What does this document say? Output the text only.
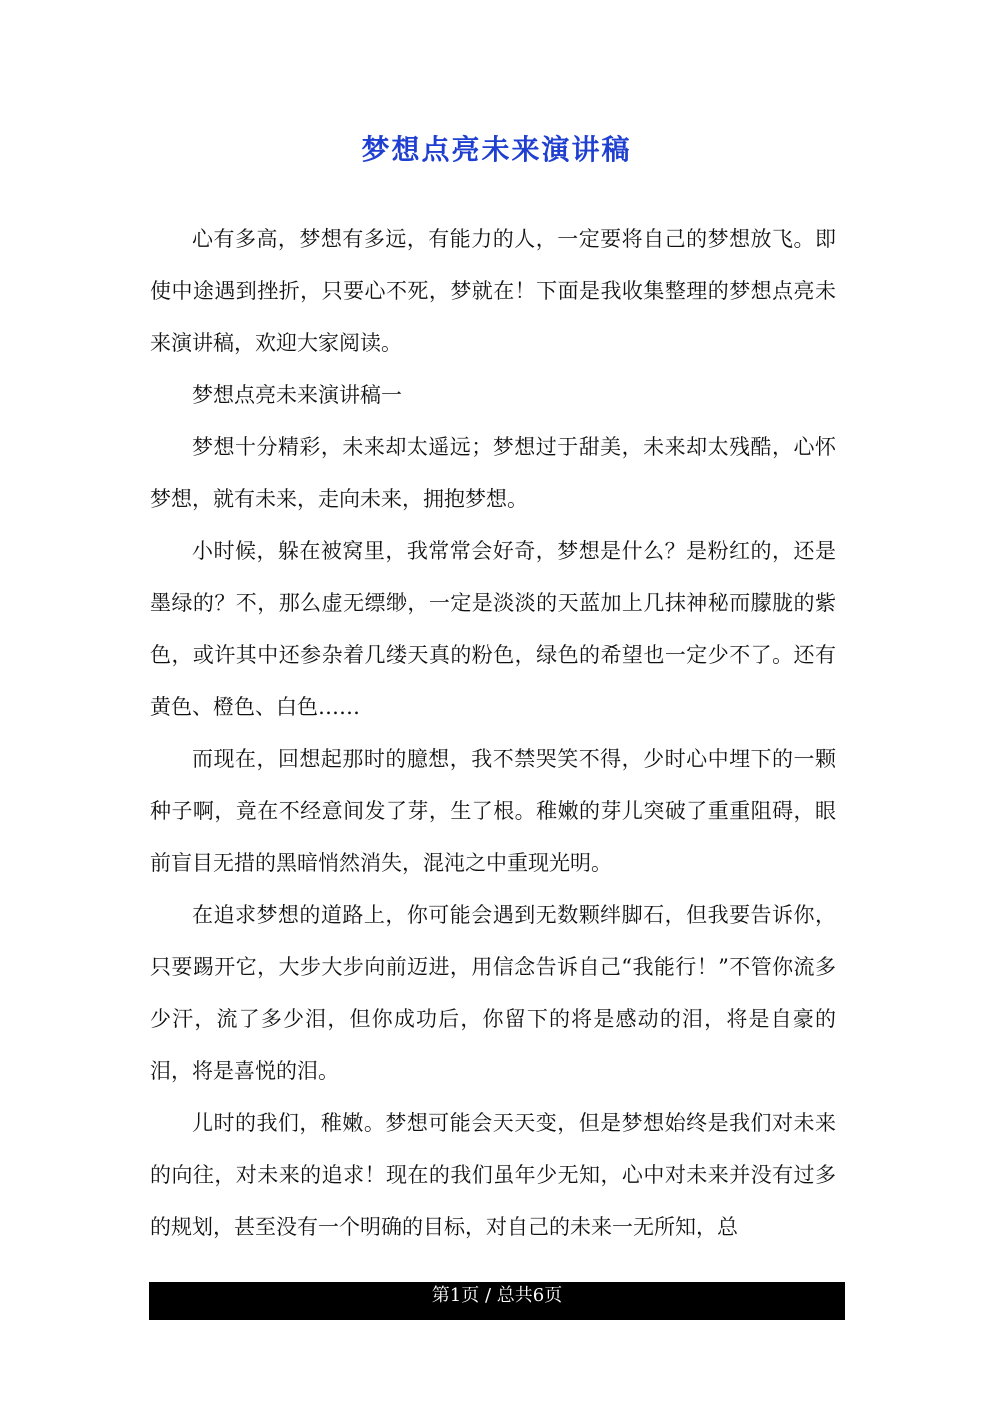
梦想点亮未来演讲稿

心有多高，梦想有多远，有能力的人，一定要将自己的梦想放飞。即使中途遇到挫折，只要心不死，梦就在！下面是我收集整理的梦想点亮未来演讲稿，欢迎大家阅读。

梦想点亮未来演讲稿一

梦想十分精彩，未来却太遥远；梦想过于甜美，未来却太残酷，心怀梦想，就有未来，走向未来，拥抱梦想。

小时候，躲在被窝里，我常常会好奇，梦想是什么？是粉红的，还是墨绿的？不，那么虚无缥缈，一定是淡淡的天蓝加上几抹神秘而朦胧的紫色，或许其中还参杂着几缕天真的粉色，绿色的希望也一定少不了。还有黄色、橙色、白色……

而现在，回想起那时的臆想，我不禁哭笑不得，少时心中埋下的一颗种子啊，竟在不经意间发了芽，生了根。稚嫩的芽儿突破了重重阻碍，眼前盲目无措的黑暗悄然消失，混沌之中重现光明。

在追求梦想的道路上，你可能会遇到无数颗绊脚石，但我要告诉你，只要踢开它，大步大步向前迈进，用信念告诉自己“我能行！”不管你流多少汗，流了多少泪，但你成功后，你留下的将是感动的泪，将是自豪的泪，将是喜悦的泪。

儿时的我们，稚嫩。梦想可能会天天变，但是梦想始终是我们对未来的向往，对未来的追求！现在的我们虽年少无知，心中对未来并没有过多的规划，甚至没有一个明确的目标，对自己的未来一无所知，总

第1页 / 总共6页
